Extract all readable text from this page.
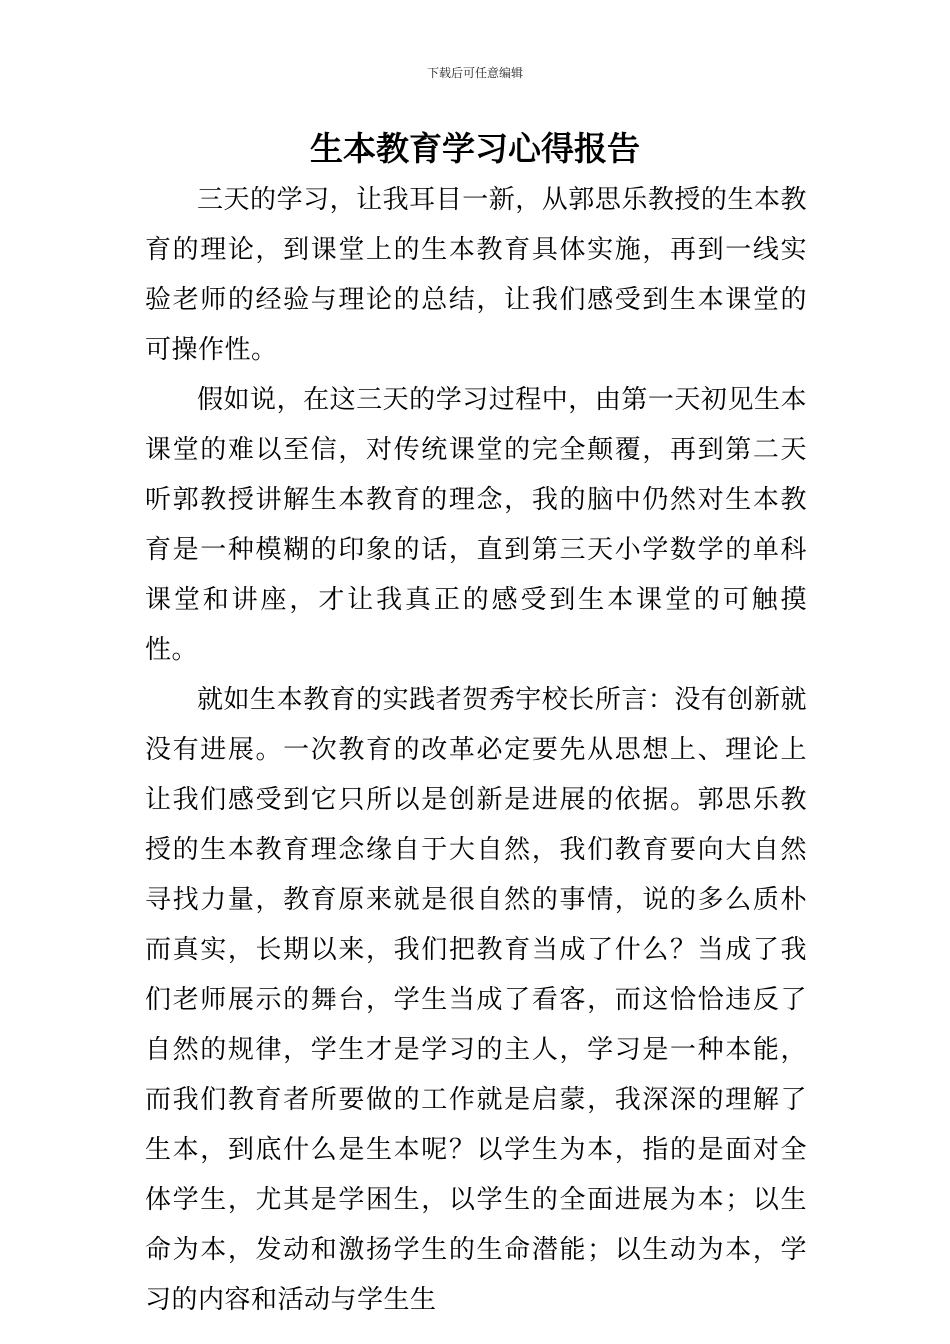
下载后可任意编辑
生本教育学习心得报告

三天的学习，让我耳目一新，从郭思乐教授的生本教育的理论，到课堂上的生本教育具体实施，再到一线实验老师的经验与理论的总结，让我们感受到生本课堂的可操作性。

假如说，在这三天的学习过程中，由第一天初见生本课堂的难以至信，对传统课堂的完全颠覆，再到第二天听郭教授讲解生本教育的理念，我的脑中仍然对生本教育是一种模糊的印象的话，直到第三天小学数学的单科课堂和讲座，才让我真正的感受到生本课堂的可触摸性。

就如生本教育的实践者贺秀宇校长所言：没有创新就没有进展。一次教育的改革必定要先从思想上、理论上让我们感受到它只所以是创新是进展的依据。郭思乐教授的生本教育理念缘自于大自然，我们教育要向大自然寻找力量，教育原来就是很自然的事情，说的多么质朴而真实，长期以来，我们把教育当成了什么？当成了我们老师展示的舞台，学生当成了看客，而这恰恰违反了自然的规律，学生才是学习的主人，学习是一种本能，而我们教育者所要做的工作就是启蒙，我深深的理解了生本，到底什么是生本呢？以学生为本，指的是面对全体学生，尤其是学困生，以学生的全面进展为本；以生命为本，发动和激扬学生的生命潜能；以生动为本，学习的内容和活动与学生生
